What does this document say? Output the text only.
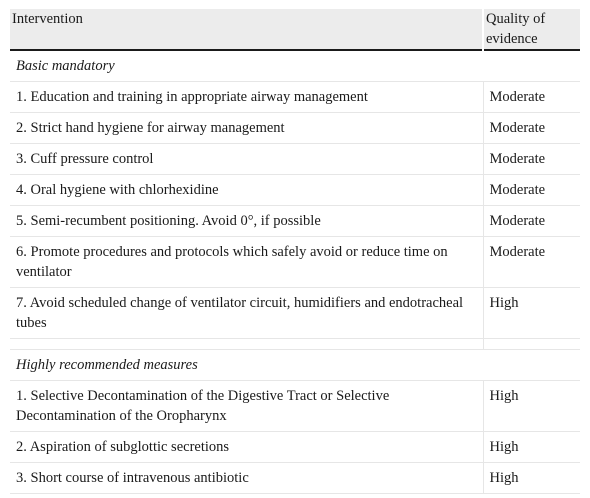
Intervention	Quality of evidence
Basic mandatory	
1. Education and training in appropriate airway management	Moderate
2. Strict hand hygiene for airway management	Moderate
3. Cuff pressure control	Moderate
4. Oral hygiene with chlorhexidine	Moderate
5. Semi-recumbent positioning. Avoid 0°, if possible	Moderate
6. Promote procedures and protocols which safely avoid or reduce time on ventilator	Moderate
7. Avoid scheduled change of ventilator circuit, humidifiers and endotracheal tubes	High

Highly recommended measures	
1. Selective Decontamination of the Digestive Tract or Selective Decontamination of the Oropharynx	High
2. Aspiration of subglottic secretions	High
3. Short course of intravenous antibiotic	High
